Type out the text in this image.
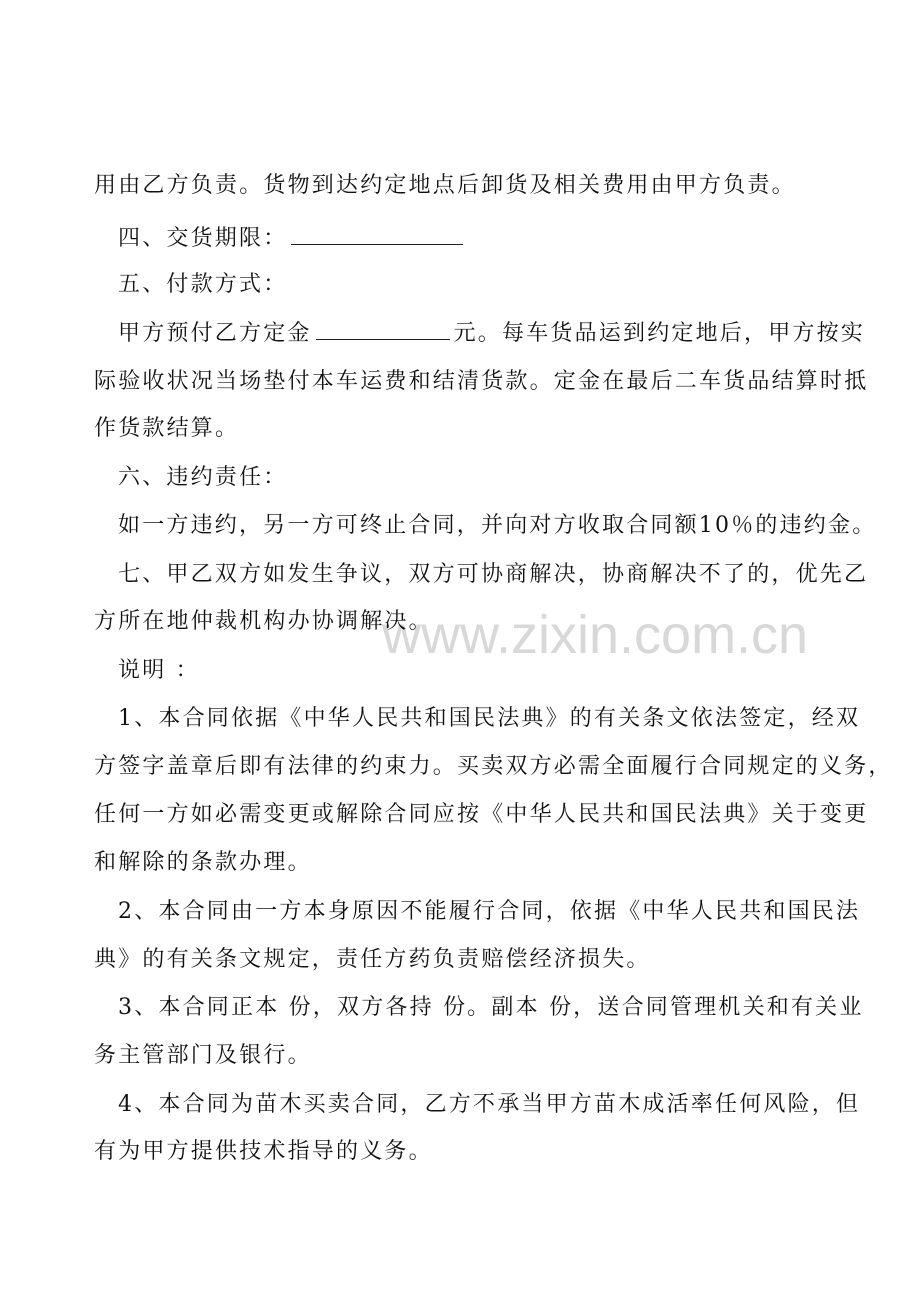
www.zixin.com.cn
用由乙方负责。货物到达约定地点后卸货及相关费用由甲方负责。
四、交货期限：
五、付款方式：
甲方预付乙方定金	元。每车货品运到约定地后，甲方按实
际验收状况当场垫付本车运费和结清货款。定金在最后二车货品结算时抵
作货款结算。
六、违约责任：
如一方违约，另一方可终止合同，并向对方收取合同额10％的违约金。
七、甲乙双方如发生争议，双方可协商解决，协商解决不了的，优先乙
方所在地仲裁机构办协调解决。
说明 ：
1、本合同依据《中华人民共和国民法典》的有关条文依法签定，经双
方签字盖章后即有法律的约束力。买卖双方必需全面履行合同规定的义务，
任何一方如必需变更或解除合同应按《中华人民共和国民法典》关于变更
和解除的条款办理。
2、本合同由一方本身原因不能履行合同，依据《中华人民共和国民法
典》的有关条文规定，责任方药负责赔偿经济损失。
3、本合同正本 份，双方各持 份。副本 份，送合同管理机关和有关业
务主管部门及银行。
4、本合同为苗木买卖合同，乙方不承当甲方苗木成活率任何风险，但
有为甲方提供技术指导的义务。
